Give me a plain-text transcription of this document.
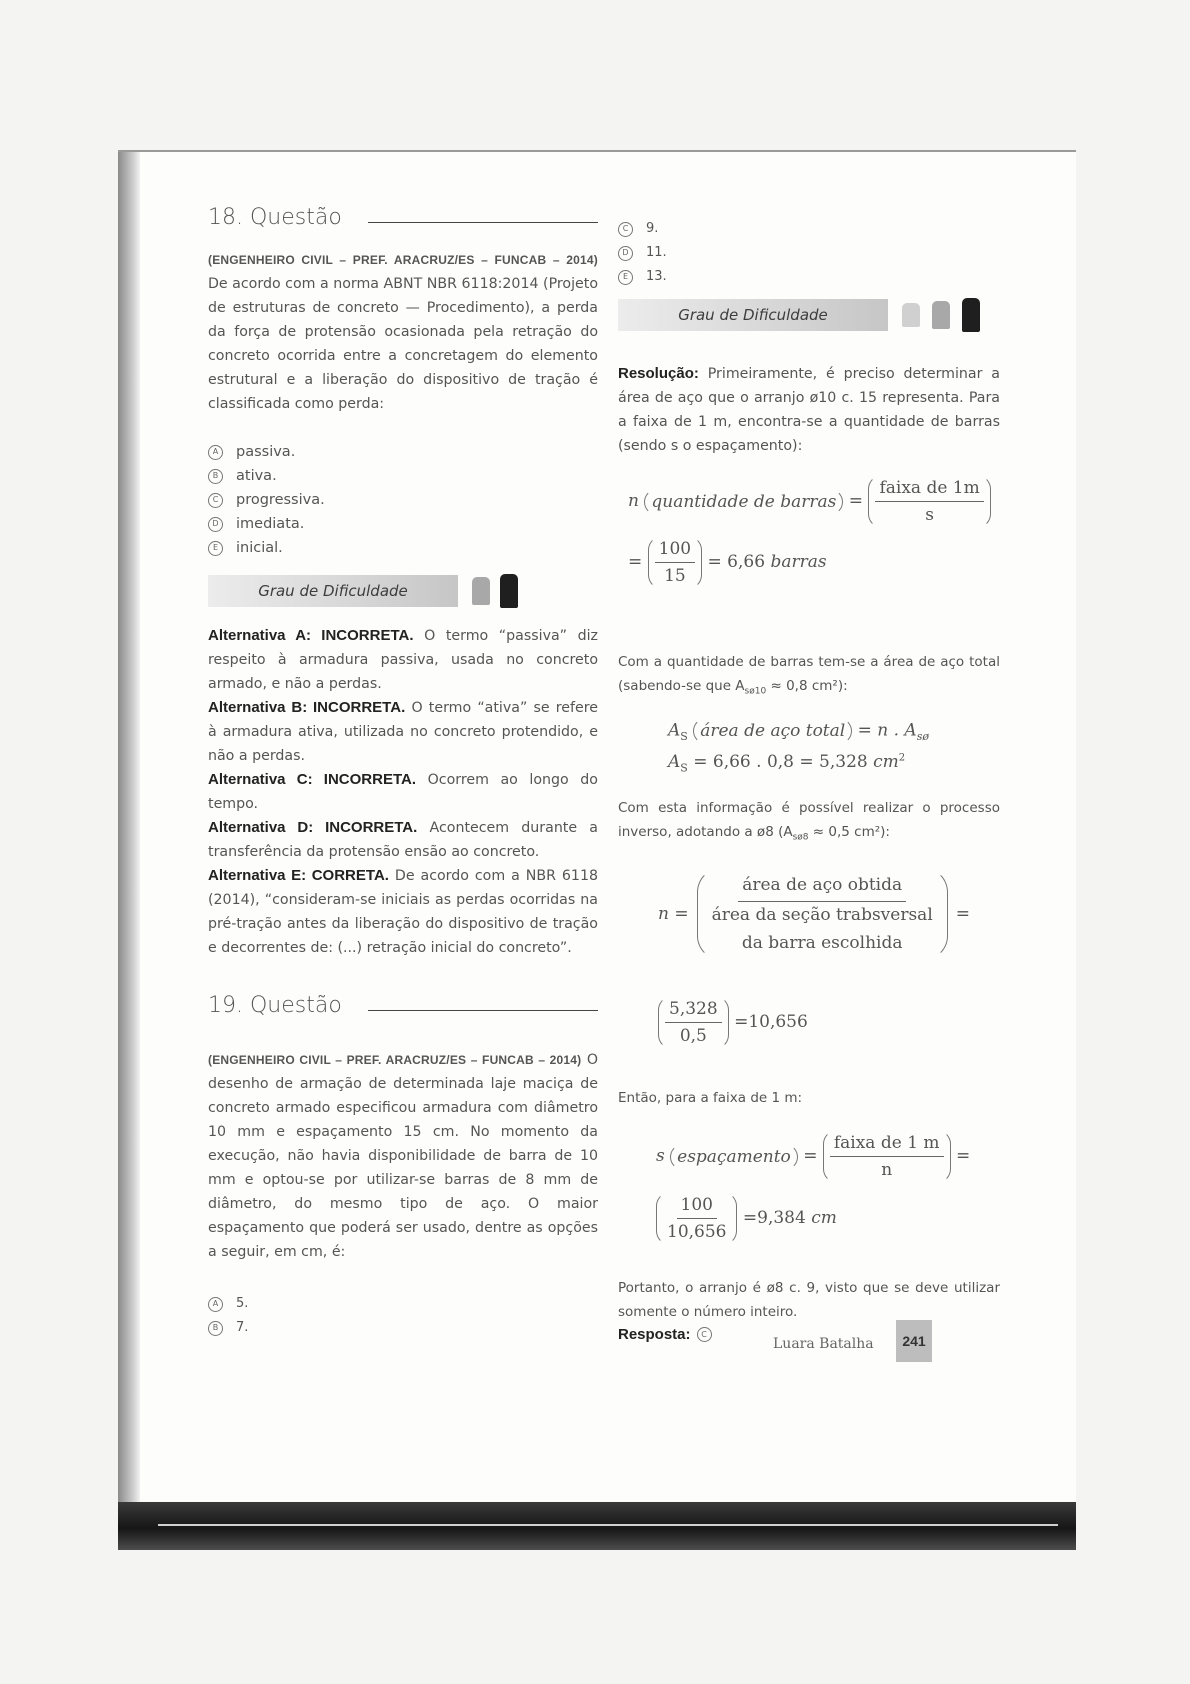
18. Questão

(ENGENHEIRO CIVIL – PREF. ARACRUZ/ES – FUNCAB – 2014) De acordo com a norma ABNT NBR 6118:2014 (Projeto de estruturas de concreto — Procedimento), a perda da força de protensão ocasionada pela retração do concreto ocorrida entre a concretagem do elemento estrutural e a liberação do dispositivo de tração é classificada como perda:

A	passiva.
B	ativa.
C	progressiva.
D	imediata.
E	inicial.
Grau de Dificuldade

Alternativa A: INCORRETA. O termo “passiva” diz respeito à armadura passiva, usada no concreto armado, e não a perdas.

Alternativa B: INCORRETA. O termo “ativa” se refere à armadura ativa, utilizada no concreto protendido, e não a perdas.

Alternativa C: INCORRETA. Ocorrem ao longo do tempo.

Alternativa D: INCORRETA. Acontecem durante a transferência da protensão ensão ao concreto.

Alternativa E: CORRETA. De acordo com a NBR 6118 (2014), “consideram-se iniciais as perdas ocorridas na pré-tração antes da liberação do dispositivo de tração e decorrentes de: (...) retração inicial do concreto”.

19. Questão

(ENGENHEIRO CIVIL – PREF. ARACRUZ/ES – FUNCAB – 2014) O desenho de armação de determinada laje maciça de concreto armado especificou armadura com diâmetro 10 mm e espaçamento 15 cm. No momento da execução, não havia disponibilidade de barra de 10 mm e optou-se por utilizar-se barras de 8 mm de diâmetro, do mesmo tipo de aço. O maior espaçamento que poderá ser usado, dentre as opções a seguir, em cm, é:

A	5.
B	7.
C	9.
D	11.
E	13.
Grau de Dificuldade

Resolução: Primeiramente, é preciso determinar a área de aço que o arranjo ø10 c. 15 representa. Para a faixa de 1 m, encontra-se a quantidade de barras (sendo s o espaçamento):

n quantidade de barras = $\frac{\text{faixa de 1m}}{s}$
= $\frac{100}{15} = 6,66$ barras

Com a quantidade de barras tem-se a área de aço total (sabendo-se que $A_{sø10} \approx 0,8$ cm²):

$A_S$ área de aço total = n . $A_{sø}$
$A_S = 6,66$ . 0,8 = 5,328 $cm^2$

Com esta informação é possível realizar o processo inverso, adotando a ø8 ($A_{sø8} \approx 0,5$ cm²):

n =
área de aço obtida
área da seção trabsversal
da barra escolhida
=
$\frac{5,328}{0,5} =10,656$

Então, para a faixa de 1 m:

s espaçamento = $\frac{\text{faixa de 1 m}}{n}$ =
$\frac{100}{10,656} =9,384$ cm

Portanto, o arranjo é ø8 c. 9, visto que se deve utilizar somente o número inteiro.

Resposta:	C
Luara Batalha	241
